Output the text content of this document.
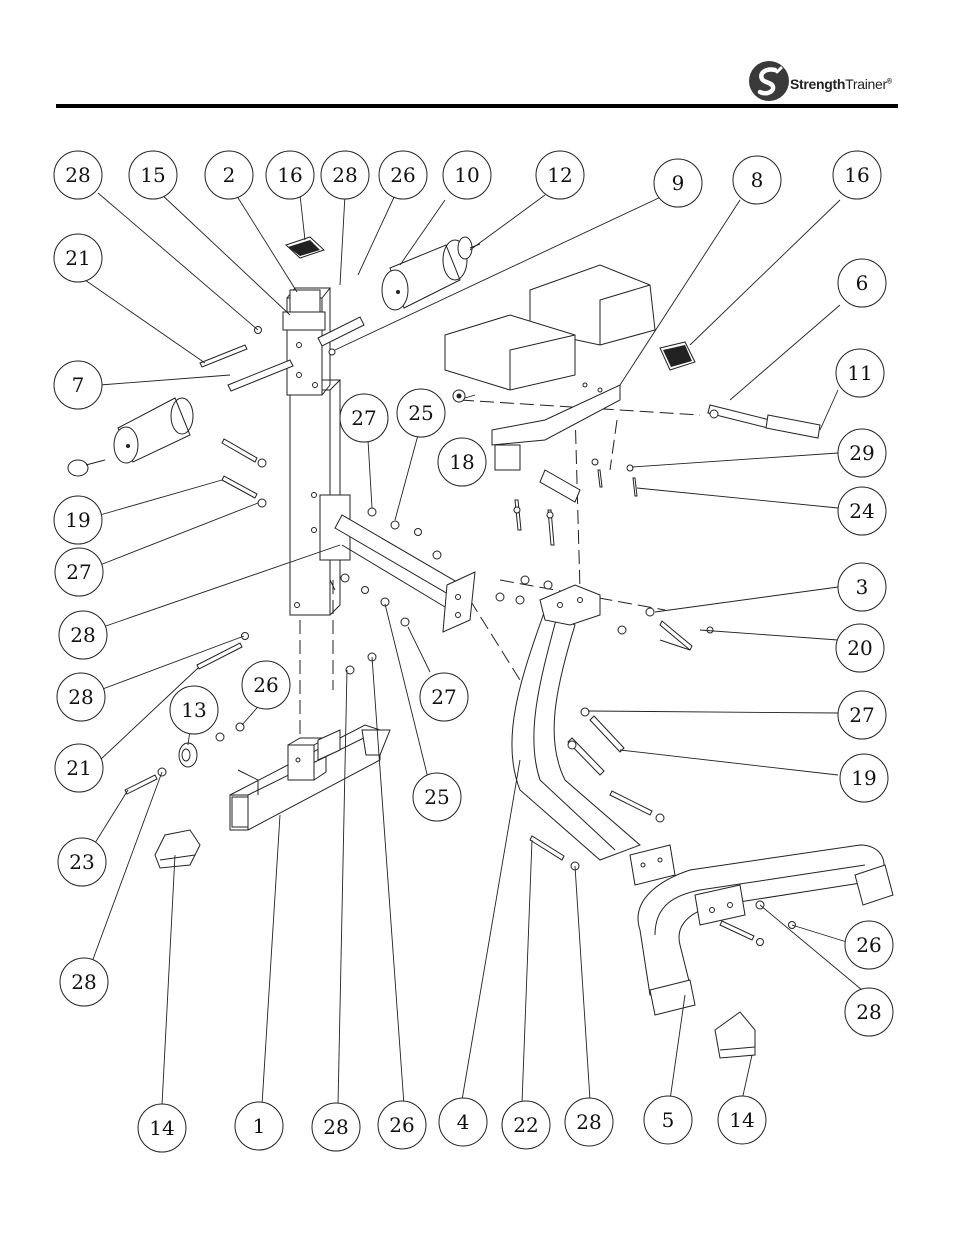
StrengthTrainer®
28 15	2 16 28 26 10	12	9	8	16
21
6
7	11
27 25
18	29
24
19
27
28
3
20
28	26	27
13	27
21	19
25
23
26
28
28
14	1	28 26 4 22 28	5	14
